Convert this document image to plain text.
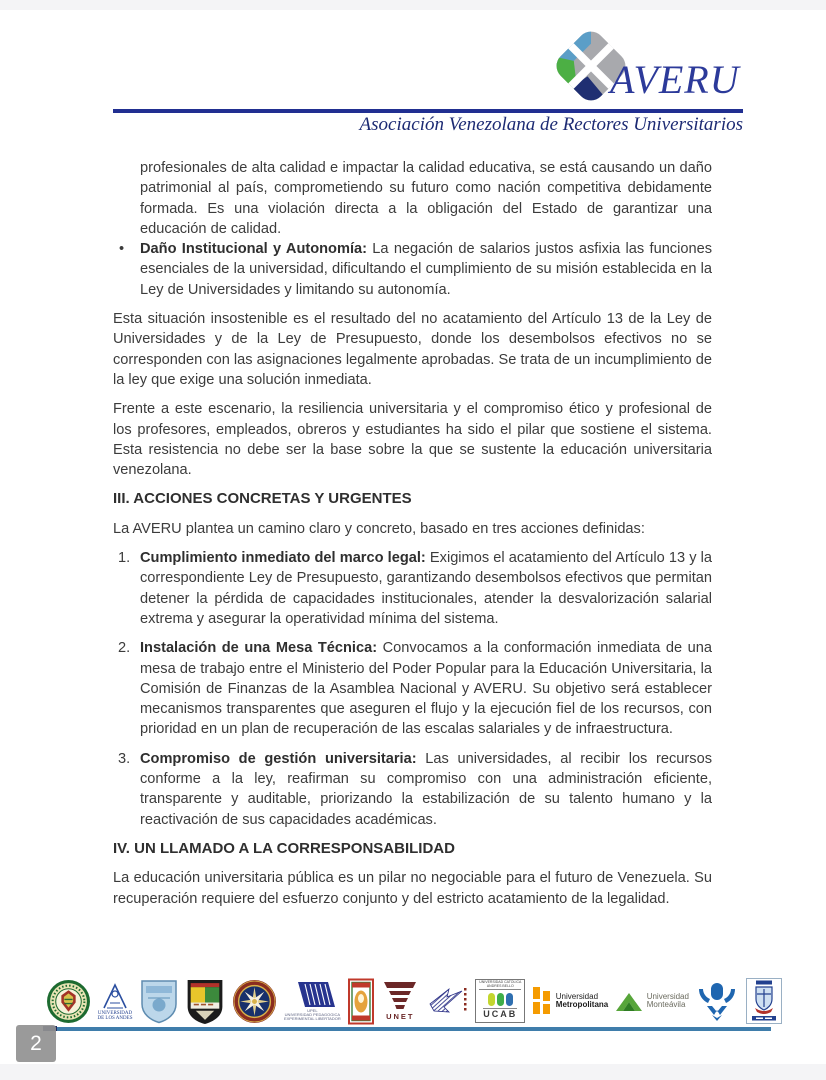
AVERU
Asociación Venezolana de Rectores Universitarios

profesionales de alta calidad e impactar la calidad educativa, se está causando un daño patrimonial al país, comprometiendo su futuro como nación competitiva debidamente formada. Es una violación directa a la obligación del Estado de garantizar una educación de calidad.

• Daño Institucional y Autonomía: La negación de salarios justos asfixia las funciones esenciales de la universidad, dificultando el cumplimiento de su misión establecida en la Ley de Universidades y limitando su autonomía.

Esta situación insostenible es el resultado del no acatamiento del Artículo 13 de la Ley de Universidades y de la Ley de Presupuesto, donde los desembolsos efectivos no se corresponden con las asignaciones legalmente aprobadas. Se trata de un incumplimiento de la ley que exige una solución inmediata.

Frente a este escenario, la resiliencia universitaria y el compromiso ético y profesional de los profesores, empleados, obreros y estudiantes ha sido el pilar que sostiene el sistema. Esta resistencia no debe ser la base sobre la que se sustente la educación universitaria venezolana.

III. ACCIONES CONCRETAS Y URGENTES

La AVERU plantea un camino claro y concreto, basado en tres acciones definidas:

1. Cumplimiento inmediato del marco legal: Exigimos el acatamiento del Artículo 13 y la correspondiente Ley de Presupuesto, garantizando desembolsos efectivos que permitan detener la pérdida de capacidades institucionales, atender la desvalorización salarial extrema y asegurar la operatividad mínima del sistema.

2. Instalación de una Mesa Técnica: Convocamos a la conformación inmediata de una mesa de trabajo entre el Ministerio del Poder Popular para la Educación Universitaria, la Comisión de Finanzas de la Asamblea Nacional y AVERU. Su objetivo será establecer mecanismos transparentes que aseguren el flujo y la ejecución fiel de los recursos, con prioridad en un plan de recuperación de las escalas salariales y de infraestructura.

3. Compromiso de gestión universitaria: Las universidades, al recibir los recursos conforme a la ley, reafirman su compromiso con una administración eficiente, transparente y auditable, priorizando la estabilización de su talento humano y la reactivación de sus capacidades académicas.

IV. UN LLAMADO A LA CORRESPONSABILIDAD

La educación universitaria pública es un pilar no negociable para el futuro de Venezuela. Su recuperación requiere del esfuerzo conjunto y del estricto acatamiento de la legalidad.

UNIVERSIDAD
DE LOS ANDES
UPEL
UNIVERSIDAD PEDAGOGICA
EXPERIMENTAL LIBERTADOR	UNET
UNIVERSIDAD CATOLICA
ANDRES BELLO
UCAB
Universidad
Metropolitana
Universidad
Monteávila
2
